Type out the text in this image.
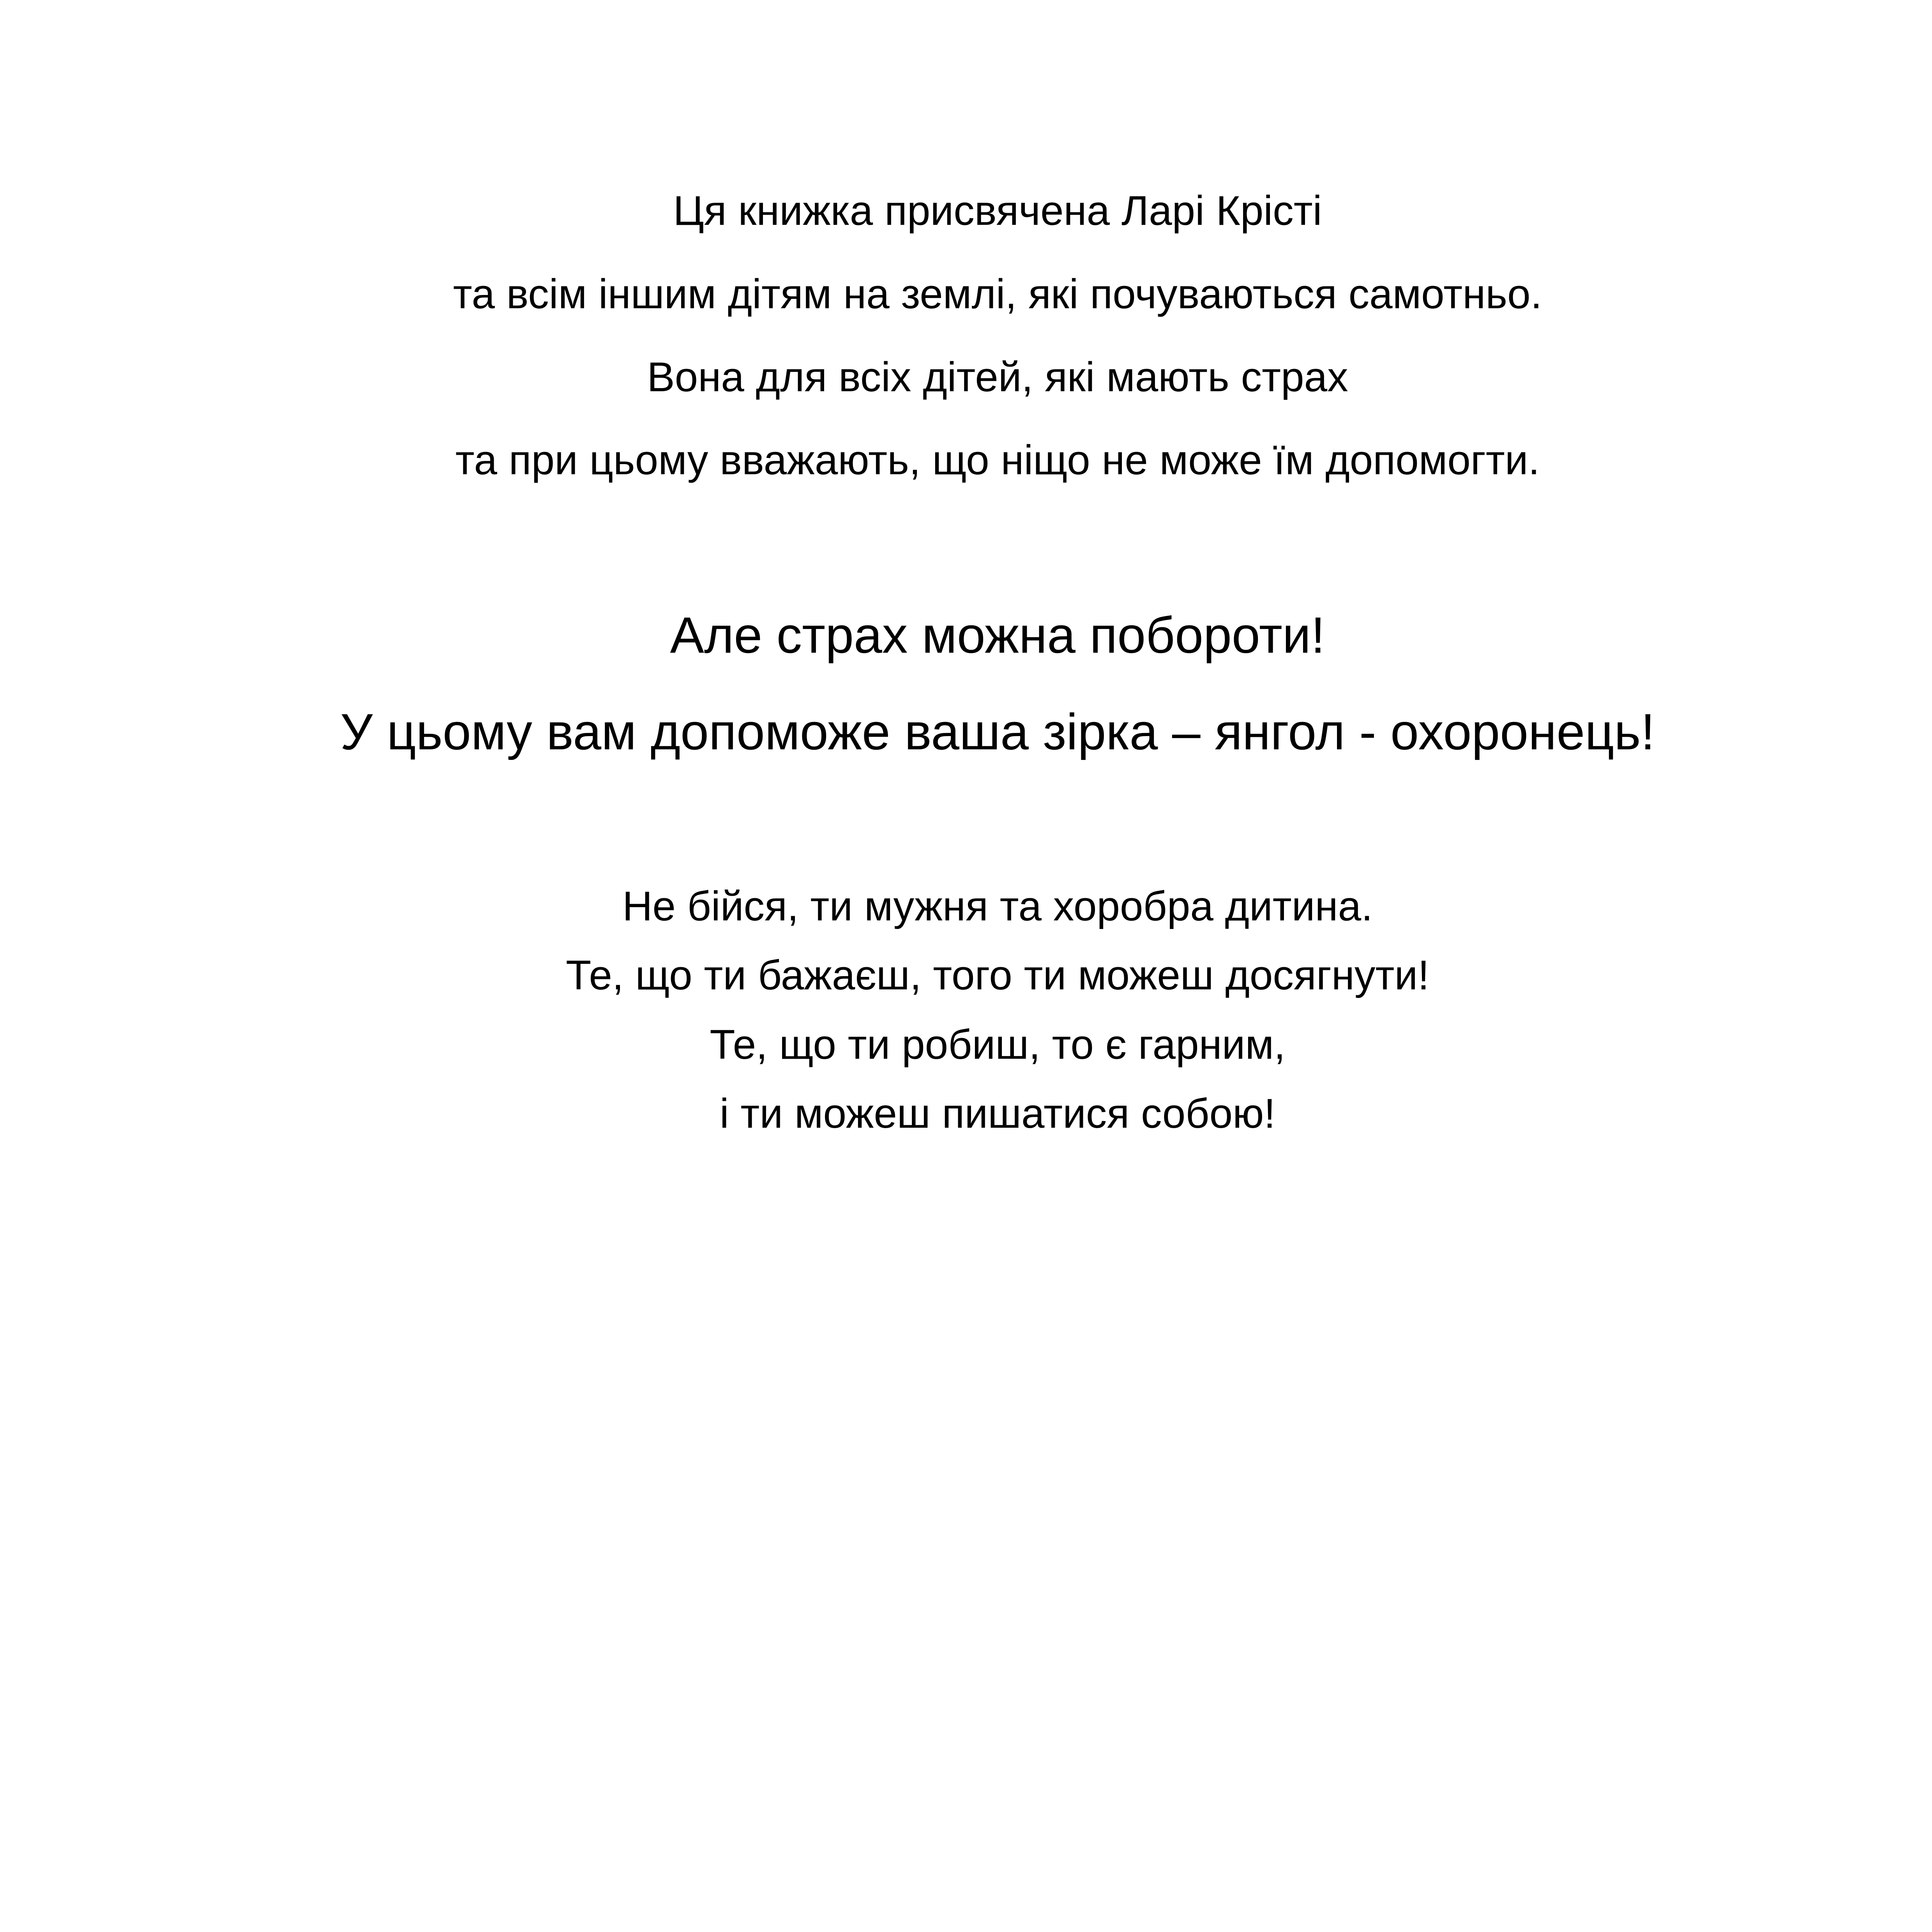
Ця книжка присвячена Ларі Крісті

та всім іншим дітям на землі, які почуваються самотньо.

Вона для всіх дітей, які мають страх

та при цьому вважають, що ніщо не може їм допомогти.

Але страх можна побороти!

У цьому вам допоможе ваша зірка – янгол - охоронець!

Не бійся, ти мужня та хоробра дитина.

Те, що ти бажаєш, того ти можеш досягнути!

Те, що ти робиш, то є гарним,

і ти можеш пишатися собою!
